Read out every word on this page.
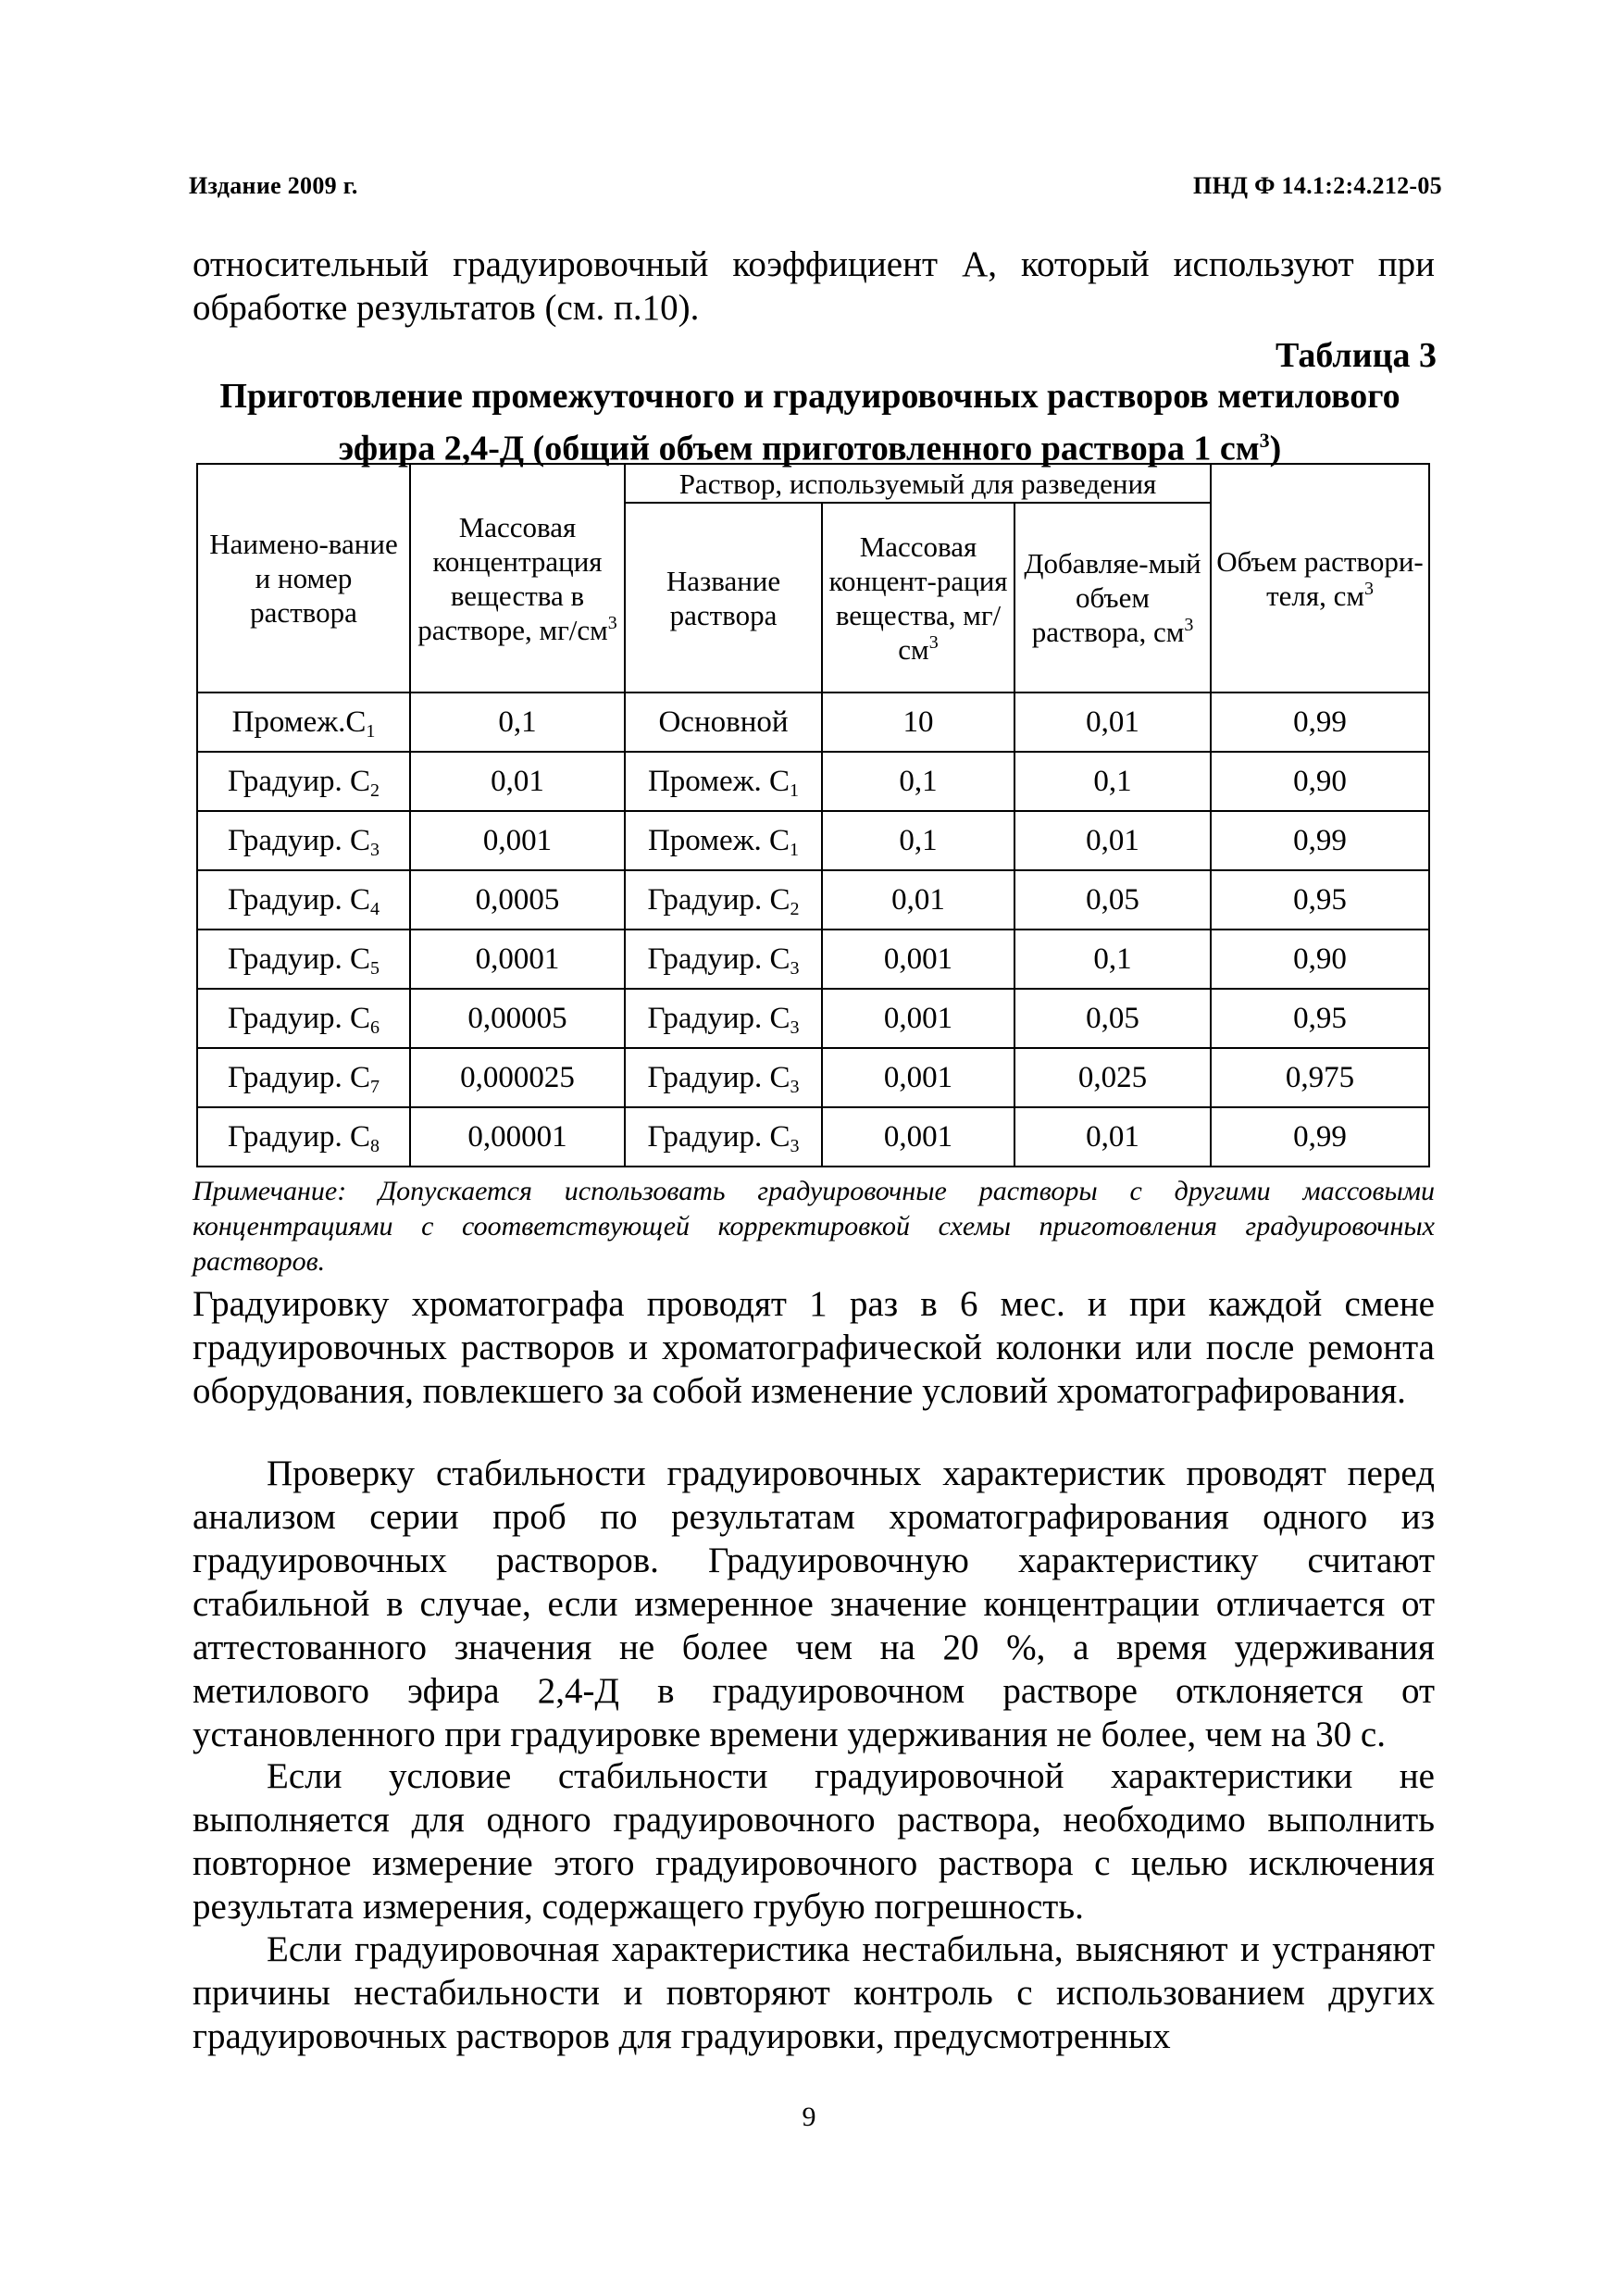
Издание 2009 г.	ПНД Ф 14.1:2:4.212-05
относительный градуировочный коэффициент А, который используют при обработке результатов (см. п.10).
Таблица 3
Приготовление промежуточного и градуировочных растворов метилового эфира 2,4-Д (общий объем приготовленного раствора 1 $см^3$)
Наимено-вание и номер раствора	Массовая концентрация вещества в растворе, $мг/см^3$	Раствор, используемый для разведения			Объем раствори-теля, $см^3$
		Название раствора	Массовая концент-рация вещества, $мг/см^3$	Добавляе-мый объем раствора, $см^3$
$Промеж.C_1$	0,1	Основной	10	0,01	0,99
Градуир. $C_2$	0,01	Промеж. $C_1$	0,1	0,1	0,90
Градуир. $C_3$	0,001	Промеж. $C_1$	0,1	0,01	0,99
Градуир. $C_4$	0,0005	Градуир. $C_2$	0,01	0,05	0,95
Градуир. $C_5$	0,0001	Градуир. $C_3$	0,001	0,1	0,90
Градуир. $C_6$	0,00005	Градуир. $C_3$	0,001	0,05	0,95
Градуир. $C_7$	0,000025	Градуир. $C_3$	0,001	0,025	0,975
Градуир. $C_8$	0,00001	Градуир. $C_3$	0,001	0,01	0,99
Примечание: Допускается использовать градуировочные растворы с другими массовыми концентрациями с соответствующей корректировкой схемы приготовления градуировочных растворов.
Градуировку хроматографа проводят 1 раз в 6 мес. и при каждой смене градуировочных растворов и хроматографической колонки или после ремонта оборудования, повлекшего за собой изменение условий хроматографирования.
Проверку стабильности градуировочных характеристик проводят перед анализом серии проб по результатам хроматографирования одного из градуировочных растворов. Градуировочную характеристику считают стабильной в случае, если измеренное значение концентрации отличается от аттестованного значения не более чем на 20 %, а время удерживания метилового эфира 2,4-Д в градуировочном растворе отклоняется от установленного при градуировке времени удерживания не более, чем на 30 с.
Если условие стабильности градуировочной характеристики не выполняется для одного градуировочного раствора, необходимо выполнить повторное измерение этого градуировочного раствора с целью исключения результата измерения, содержащего грубую погрешность.
Если градуировочная характеристика нестабильна, выясняют и устраняют причины нестабильности и повторяют контроль с использованием других градуировочных растворов для градуировки, предусмотренных
9
